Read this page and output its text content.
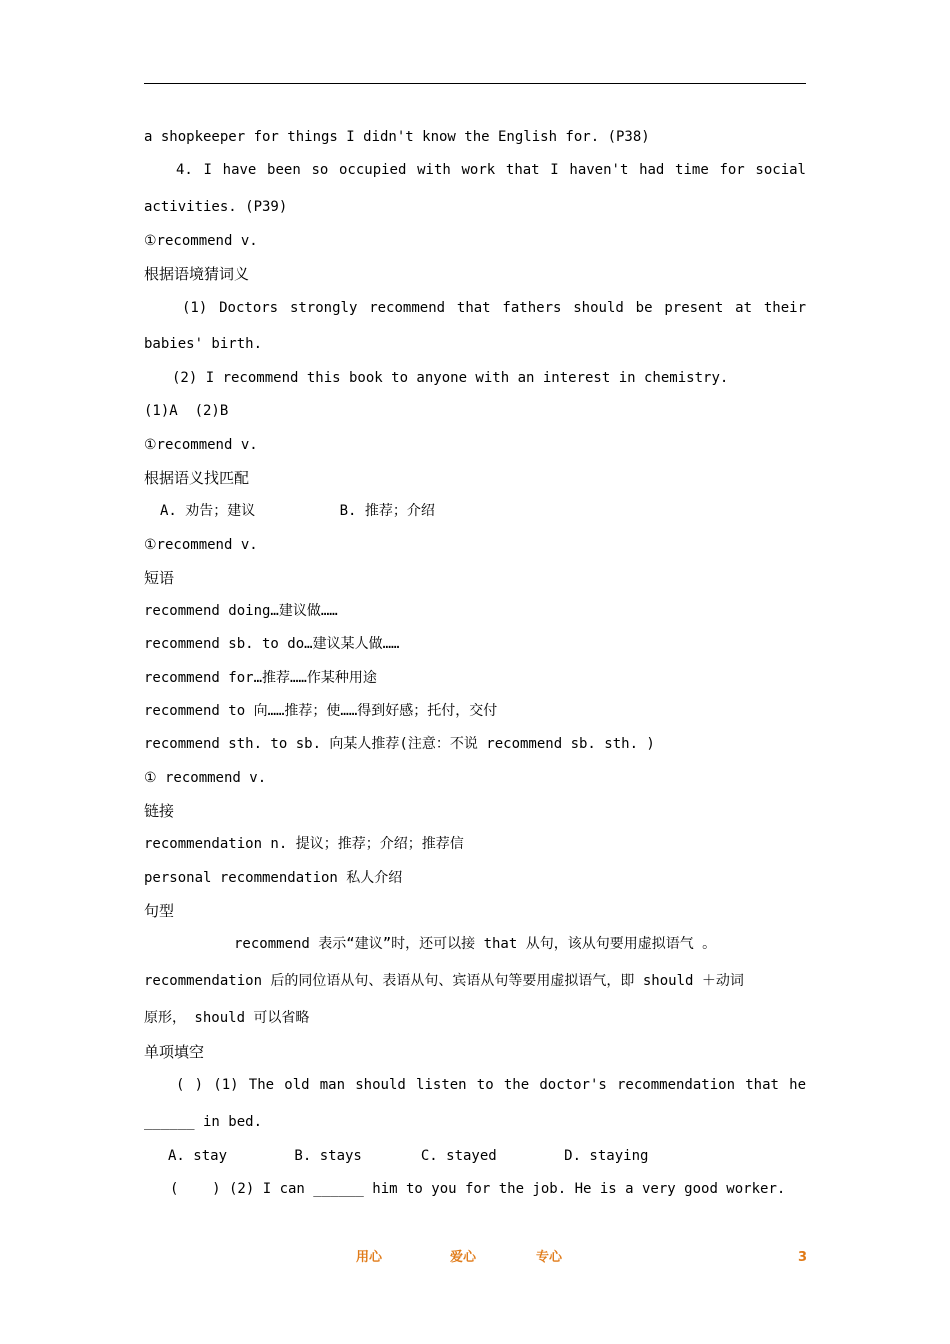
a shopkeeper for things I didn't know the English for. (P38)
4. I have been so occupied with work that I haven't had time for social
activities. (P39)
①recommend v.
根据语境猜词义
(1) Doctors strongly recommend that fathers should be present at their
babies' birth.
(2) I recommend this book to anyone with an interest in chemistry.
(1)A  (2)B
①recommend v.
根据语义找匹配
A. 劝告；建议          B. 推荐；介绍
①recommend v.
短语
recommend doing…建议做……
recommend sb. to do…建议某人做……
recommend for…推荐……作某种用途
recommend to 向……推荐；使……得到好感；托付，交付
recommend sth. to sb. 向某人推荐(注意：不说 recommend sb. sth. )
① recommend v.
链接
recommendation n. 提议；推荐；介绍；推荐信
personal recommendation 私人介绍
句型
recommend 表示“建议”时，还可以接 that 从句，该从句要用虚拟语气 。
recommendation 后的同位语从句、表语从句、宾语从句等要用虚拟语气，即 should ＋动词
原形， should 可以省略
单项填空
( ) (1) The old man should listen to the doctor's recommendation that he
______ in bed.
A. stay        B. stays       C. stayed        D. staying
(    ) (2) I can ______ him to you for the job. He is a very good worker.
用心	爱心	专心	3
